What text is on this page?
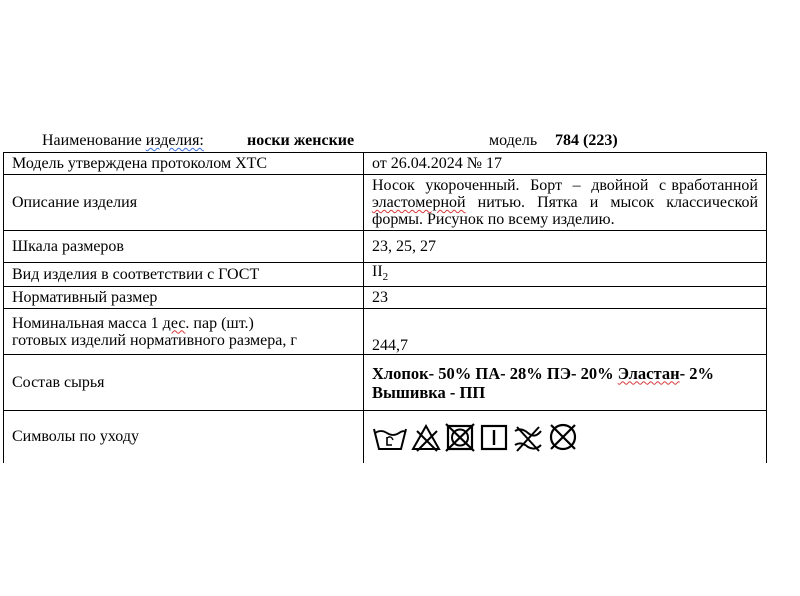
Наименование изделия:	носки женские	модель 784 (223)
Модель утверждена протоколом ХТС	от 26.04.2024 № 17
Описание изделия	Носок  укороченный.  Борт  –  двойной  с вработанной эластомерной нитью. Пятка и мысок классической формы. Рисунок по всему изделию.
Шкала размеров	23, 25, 27
Вид изделия в соответствии с ГОСТ	$II_2$
Нормативный размер	23

Номинальная масса 1 дес. пар (шт.)
готовых изделий нормативного размера, г	244,7
Состав сырья	Хлопок- 50% ПА- 28% ПЭ- 20% Эластан- 2%
Вышивка - ПП

Символы по уходу	
